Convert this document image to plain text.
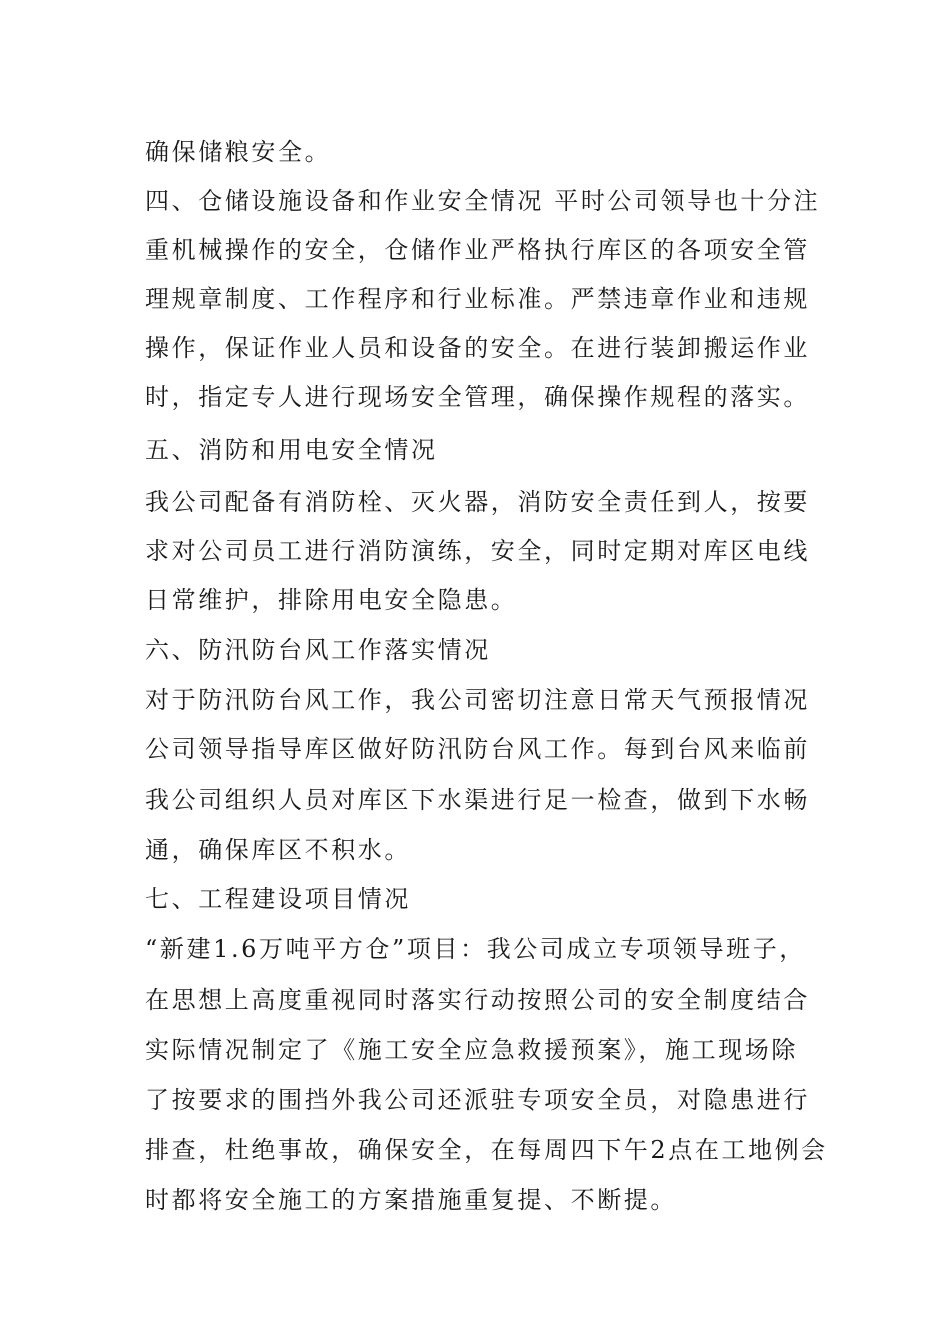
确保储粮安全。
四、仓储设施设备和作业安全情况 平时公司领导也十分注
重机械操作的安全，仓储作业严格执行库区的各项安全管
理规章制度、工作程序和行业标准。严禁违章作业和违规
操作，保证作业人员和设备的安全。在进行装卸搬运作业
时，指定专人进行现场安全管理，确保操作规程的落实。
五、消防和用电安全情况
我公司配备有消防栓、灭火器，消防安全责任到人，按要
求对公司员工进行消防演练，安全，同时定期对库区电线
日常维护，排除用电安全隐患。
六、防汛防台风工作落实情况
对于防汛防台风工作，我公司密切注意日常天气预报情况
公司领导指导库区做好防汛防台风工作。每到台风来临前
我公司组织人员对库区下水渠进行足一检查，做到下水畅
通，确保库区不积水。
七、工程建设项目情况
“新建1.6万吨平方仓”项目：我公司成立专项领导班子，
在思想上高度重视同时落实行动按照公司的安全制度结合
实际情况制定了《施工安全应急救援预案》，施工现场除
了按要求的围挡外我公司还派驻专项安全员，对隐患进行
排查，杜绝事故，确保安全，在每周四下午2点在工地例会
时都将安全施工的方案措施重复提、不断提。
